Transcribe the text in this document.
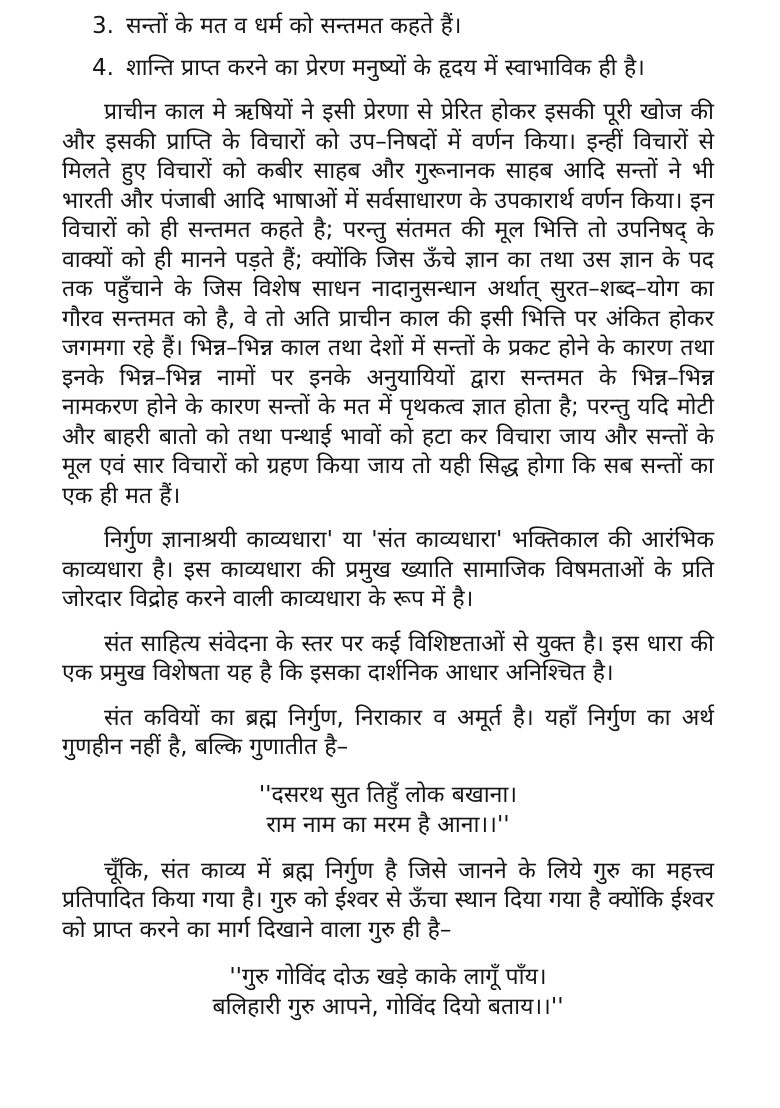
3. सन्तों के मत व धर्म को सन्तमत कहते हैं।
4. शान्ति प्राप्त करने का प्रेरण मनुष्यों के हृदय में स्वाभाविक ही है।

प्राचीन काल मे ऋषियों ने इसी प्रेरणा से प्रेरित होकर इसकी पूरी खोज की और इसकी प्राप्ति के विचारों को उप–निषदों में वर्णन किया। इन्हीं विचारों से मिलते हुए विचारों को कबीर साहब और गुरूनानक साहब आदि सन्तों ने भी भारती और पंजाबी आदि भाषाओं में सर्वसाधारण के उपकारार्थ वर्णन किया। इन विचारों को ही सन्तमत कहते है; परन्तु संतमत की मूल भित्ति तो उपनिषद् के वाक्यों को ही मानने पड़ते हैं; क्योंकि जिस ऊँचे ज्ञान का तथा उस ज्ञान के पद तक पहुँचाने के जिस विशेष साधन नादानुसन्धान अर्थात् सुरत–शब्द–योग का गौरव सन्तमत को है, वे तो अति प्राचीन काल की इसी भित्ति पर अंकित होकर जगमगा रहे हैं। भिन्न–भिन्न काल तथा देशों में सन्तों के प्रकट होने के कारण तथा इनके भिन्न–भिन्न नामों पर इनके अनुयायियों द्वारा सन्तमत के भिन्न–भिन्न नामकरण होने के कारण सन्तों के मत में पृथकत्व ज्ञात होता है; परन्तु यदि मोटी और बाहरी बातो को तथा पन्थाई भावों को हटा कर विचारा जाय और सन्तों के मूल एवं सार विचारों को ग्रहण किया जाय तो यही सिद्ध होगा कि सब सन्तों का एक ही मत हैं।

निर्गुण ज्ञानाश्रयी काव्यधारा' या 'संत काव्यधारा' भक्तिकाल की आरंभिक काव्यधारा है। इस काव्यधारा की प्रमुख ख्याति सामाजिक विषमताओं के प्रति जोरदार विद्रोह करने वाली काव्यधारा के रूप में है।

संत साहित्य संवेदना के स्तर पर कई विशिष्टताओं से युक्त है। इस धारा की एक प्रमुख विशेषता यह है कि इसका दार्शनिक आधार अनिश्चित है।

संत कवियों का ब्रह्म निर्गुण, निराकार व अमूर्त है। यहाँ निर्गुण का अर्थ गुणहीन नहीं है, बल्कि गुणातीत है–

''दसरथ सुत तिहुँ लोक बखाना।
राम नाम का मरम है आना।।''

चूँकि, संत काव्य में ब्रह्म निर्गुण है जिसे जानने के लिये गुरु का महत्त्व प्रतिपादित किया गया है। गुरु को ईश्वर से ऊँचा स्थान दिया गया है क्योंकि ईश्वर को प्राप्त करने का मार्ग दिखाने वाला गुरु ही है–

''गुरु गोविंद दोऊ खड़े काके लागूँ पाँय।
बलिहारी गुरु आपने, गोविंद दियो बताय।।''
